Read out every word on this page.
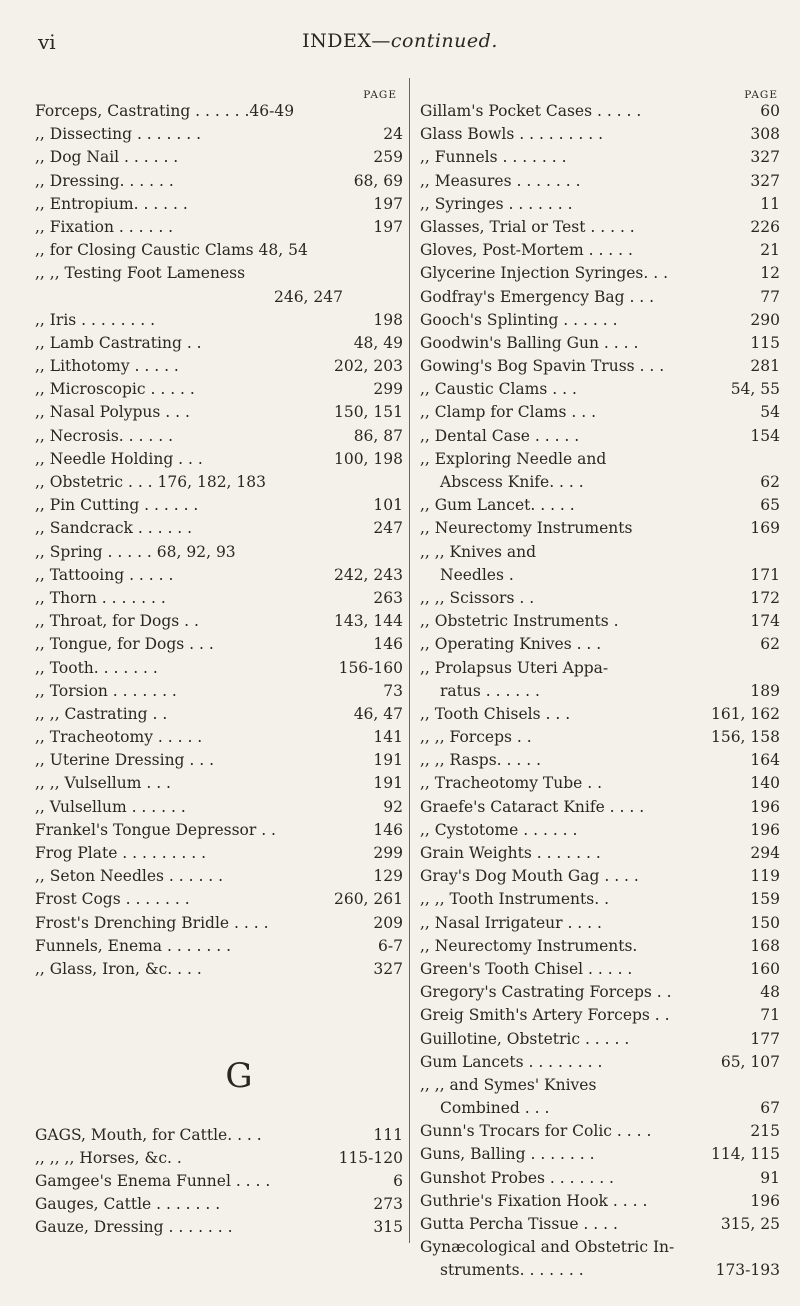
vi	INDEX—continued.
PAGE
Forceps, Castrating . . . . . .46-49
,, Dissecting . . . . . . .	24
,, Dog Nail . . . . . .	259
,, Dressing. . . . . .	68, 69
,, Entropium. . . . . .	197
,, Fixation . . . . . .	197
,, for Closing Caustic Clams 48, 54
,, ,, Testing Foot Lameness
246, 247
,, Iris . . . . . . . .	198
,, Lamb Castrating . .	48, 49
,, Lithotomy . . . . .	202, 203
,, Microscopic . . . . .	299
,, Nasal Polypus . . .	150, 151
,, Necrosis. . . . . .	86, 87
,, Needle Holding . . .	100, 198
,, Obstetric . . . 176, 182, 183
,, Pin Cutting . . . . . .	101
,, Sandcrack . . . . . .	247
,, Spring . . . . . 68, 92, 93
,, Tattooing . . . . .	242, 243
,, Thorn . . . . . . .	263
,, Throat, for Dogs . .	143, 144
,, Tongue, for Dogs . . .	146
,, Tooth. . . . . . .	156-160
,, Torsion . . . . . . .	73
,, ,, Castrating . .	46, 47
,, Tracheotomy . . . . .	141
,, Uterine Dressing . . .	191
,, ,, Vulsellum . . .	191
,, Vulsellum . . . . . .	92
Frankel's Tongue Depressor . .	146
Frog Plate . . . . . . . . .	299
,, Seton Needles . . . . . .	129
Frost Cogs . . . . . . .	260, 261
Frost's Drenching Bridle . . . .	209
Funnels, Enema . . . . . . .	6-7
,, Glass, Iron, &c. . . .	327
G
GAGS, Mouth, for Cattle. . . .	111
,, ,, ,, Horses, &c. .	115-120
Gamgee's Enema Funnel . . . .	6
Gauges, Cattle . . . . . . .	273
Gauze, Dressing . . . . . . .	315
PAGE
Gillam's Pocket Cases . . . . .	60
Glass Bowls . . . . . . . . .	308
,, Funnels . . . . . . .	327
,, Measures . . . . . . .	327
,, Syringes . . . . . . .	11
Glasses, Trial or Test . . . . .	226
Gloves, Post-Mortem . . . . .	21
Glycerine Injection Syringes. . .	12
Godfray's Emergency Bag . . .	77
Gooch's Splinting . . . . . .	290
Goodwin's Balling Gun . . . .	115
Gowing's Bog Spavin Truss . . .	281
,, Caustic Clams . . .	54, 55
,, Clamp for Clams . . .	54
,, Dental Case . . . . .	154
,, Exploring Needle and
Abscess Knife. . . .	62
,, Gum Lancet. . . . .	65
,, Neurectomy Instruments	169
,, ,, Knives and
Needles .	171
,, ,, Scissors . .	172
,, Obstetric Instruments .	174
,, Operating Knives . . .	62
,, Prolapsus Uteri Appa-
ratus . . . . . .	189
,, Tooth Chisels . . .	161, 162
,, ,, Forceps . .	156, 158
,, ,, Rasps. . . . .	164
,, Tracheotomy Tube . .	140
Graefe's Cataract Knife . . . .	196
,, Cystotome . . . . . .	196
Grain Weights . . . . . . .	294
Gray's Dog Mouth Gag . . . .	119
,, ,, Tooth Instruments. .	159
,, Nasal Irrigateur . . . .	150
,, Neurectomy Instruments.	168
Green's Tooth Chisel . . . . .	160
Gregory's Castrating Forceps . .	48
Greig Smith's Artery Forceps . .	71
Guillotine, Obstetric . . . . .	177
Gum Lancets . . . . . . . .	65, 107
,, ,, and Symes' Knives
Combined . . .	67
Gunn's Trocars for Colic . . . .	215
Guns, Balling . . . . . . .	114, 115
Gunshot Probes . . . . . . .	91
Guthrie's Fixation Hook . . . .	196
Gutta Percha Tissue . . . .	315, 25
Gynæcological and Obstetric In-
struments. . . . . . .	173-193
